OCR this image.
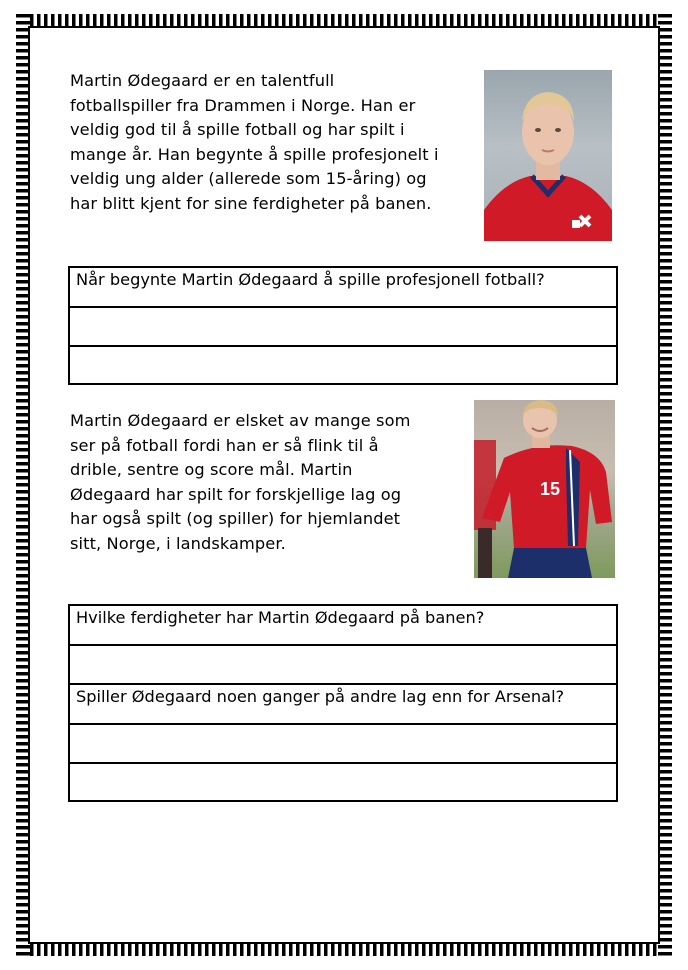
Martin Ødegaard er en talentfull
fotballspiller fra Drammen i Norge. Han er
veldig god til å spille fotball og har spilt i
mange år. Han begynte å spille profesjonelt i
veldig ung alder (allerede som 15-åring) og
har blitt kjent for sine ferdigheter på banen.
Når begynte Martin Ødegaard å spille profesjonell fotball?
Martin Ødegaard er elsket av mange som
ser på fotball fordi han er så flink til å
drible, sentre og score mål. Martin
Ødegaard har spilt for forskjellige lag og
har også spilt (og spiller) for hjemlandet
sitt, Norge, i landskamper.
15
Hvilke ferdigheter har Martin Ødegaard på banen?
Spiller Ødegaard noen ganger på andre lag enn for Arsenal?
